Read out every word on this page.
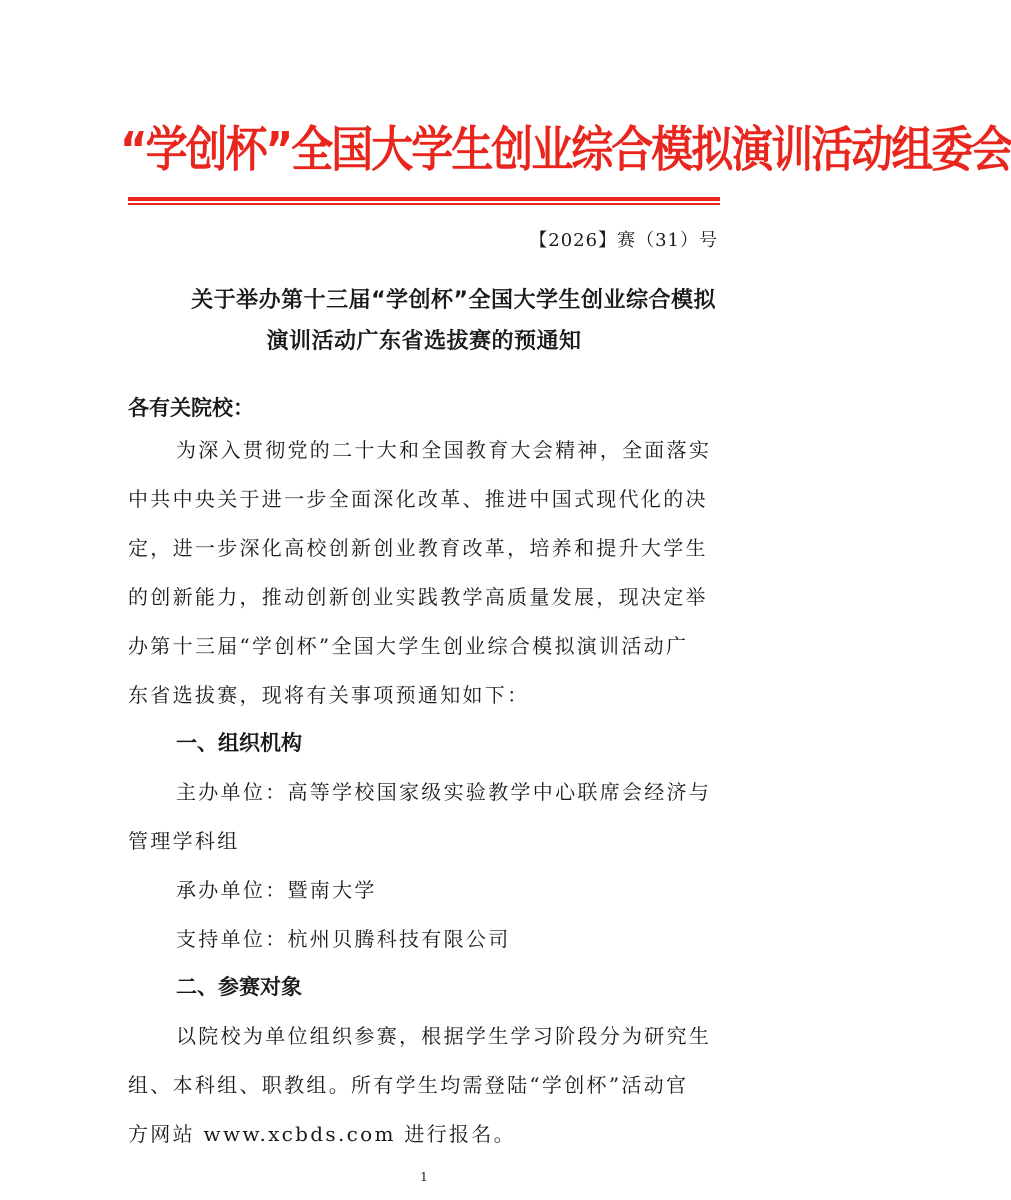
“学创杯”全国大学生创业综合模拟演训活动组委会
【2026】赛（31）号
关于举办第十三届“学创杯”全国大学生创业综合模拟
演训活动广东省选拔赛的预通知
各有关院校：
为深入贯彻党的二十大和全国教育大会精神，全面落实
中共中央关于进一步全面深化改革、推进中国式现代化的决
定，进一步深化高校创新创业教育改革，培养和提升大学生
的创新能力，推动创新创业实践教学高质量发展，现决定举
办第十三届“学创杯”全国大学生创业综合模拟演训活动广
东省选拔赛，现将有关事项预通知如下：
一、组织机构
主办单位：高等学校国家级实验教学中心联席会经济与
管理学科组
承办单位：暨南大学
支持单位：杭州贝腾科技有限公司
二、参赛对象
以院校为单位组织参赛，根据学生学习阶段分为研究生
组、本科组、职教组。所有学生均需登陆“学创杯”活动官
方网站 www.xcbds.com 进行报名。
1
